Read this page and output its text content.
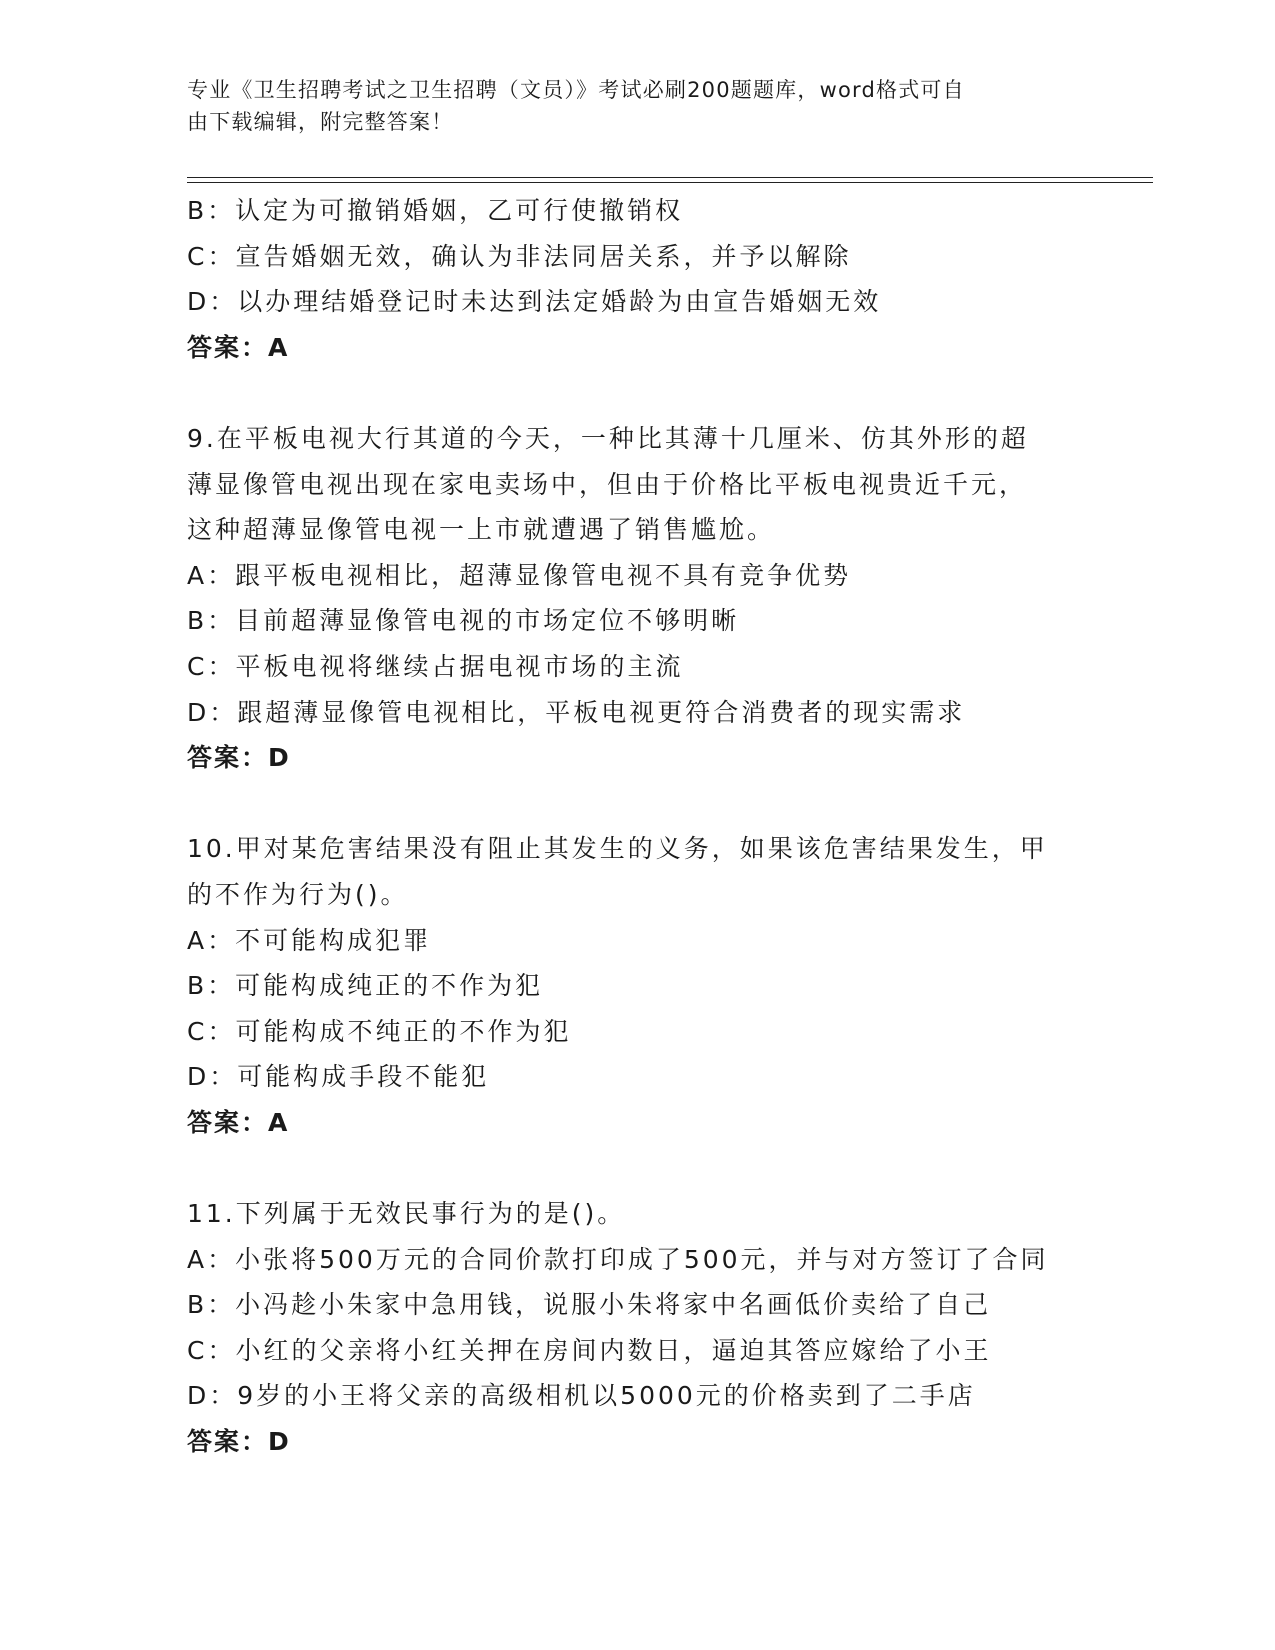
专业《卫生招聘考试之卫生招聘（文员）》考试必刷200题题库，word格式可自
由下载编辑，附完整答案！
B：认定为可撤销婚姻，乙可行使撤销权
C：宣告婚姻无效，确认为非法同居关系，并予以解除
D：以办理结婚登记时未达到法定婚龄为由宣告婚姻无效
答案：A
9.在平板电视大行其道的今天，一种比其薄十几厘米、仿其外形的超
薄显像管电视出现在家电卖场中，但由于价格比平板电视贵近千元，
这种超薄显像管电视一上市就遭遇了销售尴尬。
A：跟平板电视相比，超薄显像管电视不具有竞争优势
B：目前超薄显像管电视的市场定位不够明晰
C：平板电视将继续占据电视市场的主流
D：跟超薄显像管电视相比，平板电视更符合消费者的现实需求
答案：D
10.甲对某危害结果没有阻止其发生的义务，如果该危害结果发生，甲
的不作为行为()。
A：不可能构成犯罪
B：可能构成纯正的不作为犯
C：可能构成不纯正的不作为犯
D：可能构成手段不能犯
答案：A
11.下列属于无效民事行为的是()。
A：小张将500万元的合同价款打印成了500元，并与对方签订了合同
B：小冯趁小朱家中急用钱，说服小朱将家中名画低价卖给了自己
C：小红的父亲将小红关押在房间内数日，逼迫其答应嫁给了小王
D：9岁的小王将父亲的高级相机以5000元的价格卖到了二手店
答案：D
